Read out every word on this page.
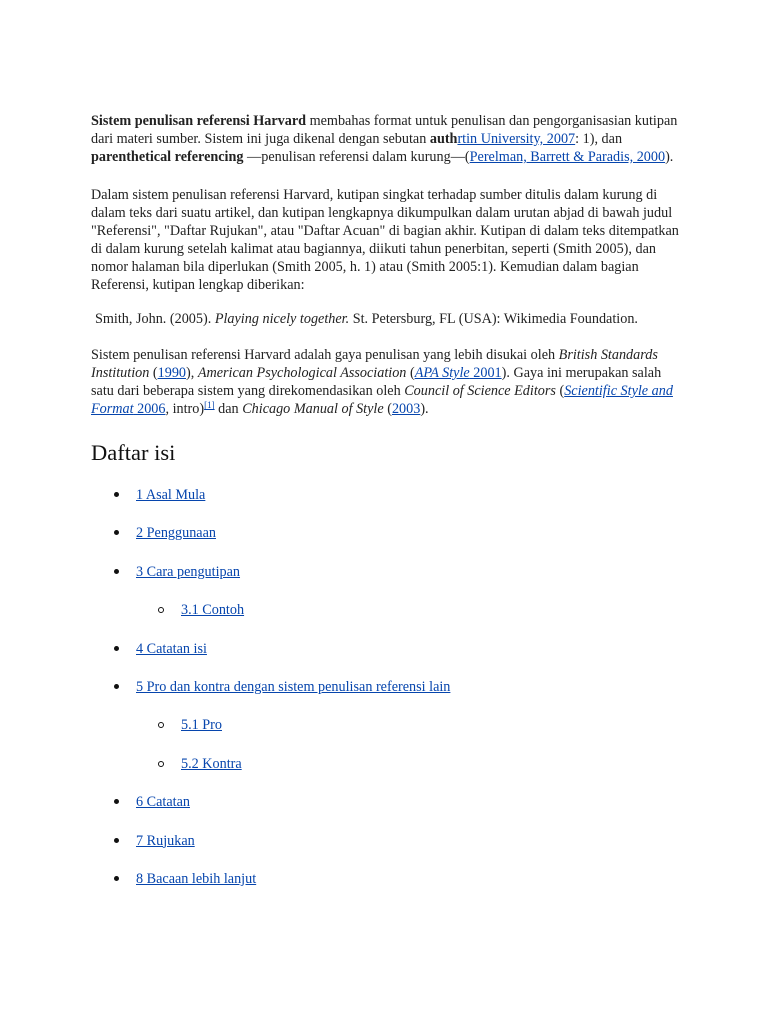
Sistem penulisan referensi Harvard membahas format untuk penulisan dan pengorganisasian kutipan dari materi sumber. Sistem ini juga dikenal dengan sebutan authrtin University, 2007: 1), dan parenthetical referencing —penulisan referensi dalam kurung—(Perelman, Barrett & Paradis, 2000).

Dalam sistem penulisan referensi Harvard, kutipan singkat terhadap sumber ditulis dalam kurung di dalam teks dari suatu artikel, dan kutipan lengkapnya dikumpulkan dalam urutan abjad di bawah judul "Referensi", "Daftar Rujukan", atau "Daftar Acuan" di bagian akhir. Kutipan di dalam teks ditempatkan di dalam kurung setelah kalimat atau bagiannya, diikuti tahun penerbitan, seperti (Smith 2005), dan nomor halaman bila diperlukan (Smith 2005, h. 1) atau (Smith 2005:1). Kemudian dalam bagian Referensi, kutipan lengkap diberikan:

Smith, John. (2005). Playing nicely together. St. Petersburg, FL (USA): Wikimedia Foundation.

Sistem penulisan referensi Harvard adalah gaya penulisan yang lebih disukai oleh British Standards Institution (1990), American Psychological Association (APA Style 2001). Gaya ini merupakan salah satu dari beberapa sistem yang direkomendasikan oleh Council of Science Editors (Scientific Style and Format 2006, intro)[1] dan Chicago Manual of Style (2003).

Daftar isi
1 Asal Mula
2 Penggunaan
3 Cara pengutipan
3.1 Contoh
4 Catatan isi
5 Pro dan kontra dengan sistem penulisan referensi lain
5.1 Pro
5.2 Kontra
6 Catatan
7 Rujukan
8 Bacaan lebih lanjut
